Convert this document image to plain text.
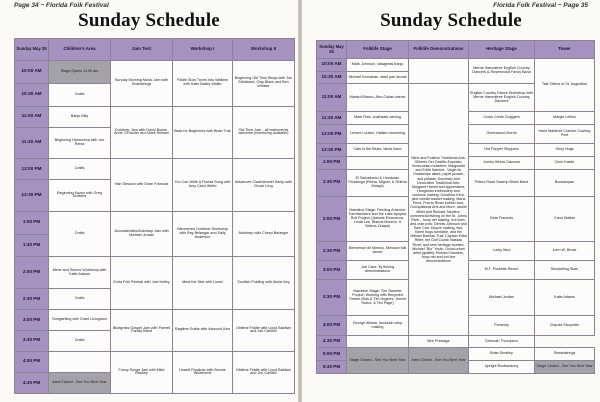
Page 34 ~ Florida Folk Festival
Sunday Schedule
Sunday May 25	Children's Area	Jam Tent	Workshop I	Workshop II
10:00 AM	Stage Opens 11:00 am	Sunday Morning Music Jam with Sharistrings	Fiddle Slow Tunes Into Waltzes with Katie Bailey Waller	Beginning Old Time Banjo with Jon Strickland, Clay Black and Ben Whisler
10:30 AM	Crafts			
11:00 AM	Banjo Billy	Dulcimer Jam with David Bowie, Anne O'Rourke and Mark Hillman	Bass for Beginners with Brian Turk	Old Time Jam - all instruments welcome (mentoring available)
11:30 AM	Beginning Harmonica with Joe Reina			
12:00 PM	Crafts	Irish Session with Dean Francois	You Can Write A Florida Song with Amy Carol Webb	Advanced Clawhammer Banjo with Chuck Levy
12:30 PM	Beginning Kazoo with Greg Dobbins			
1:00 PM	Crafts	Acoustaholics/Autoharp Jam with Michael Jordan	Hammered Dulcimer Workshop with Ray Belanger and Sally Anderson	Autoharp with Cheryl Belanger
1:30 PM				
2:00 PM	Mime and Stories Workshop with Katie Adams	Extra Folk Revival with Joel Kelley	Meet the Star with Lionel	Scottish Fiddling with Aisha Ivey
2:30 PM	Crafts			
3:00 PM	Songwriting with Grant Livingston	Bluegrass Gospel Jam with Parnell Family Band	Ragtime Guitar with Inkwood Karr	Oldtime Fiddle with Lloyd Baldwin and Jan Carillon
3:30 PM	Crafts			
4:00 PM		Funny Songs Jam with Mike Bradley	Howell Paulkner with Bonnie Whitehurst	Oldtime Fiddle with Lloyd Baldwin and Jim Carillon
4:30 PM	Area Closed - See You Next Year			
Florida Folk Festival ~ Page 35
Sunday Schedule
Sunday May 25	Folklife Stage	Folklife Demonstrations	Heritage Stage	Tower
10:00 AM	Mark Johnson, clawgrass banjo		Merrie Hammitree English Country Dancers & Rosenwood Fancy Band	Tale Tellers of St. Augustine
10:30 AM	Michael Kornahan, steel pan drums			
11:00 AM	Marisol Blanco, Afro-Cuban dance	Blind and Positive Traditional Arts: Gilberto Del Castillo-Espósito, Venezuelan mola/text; Marguerite and Edith Sabrina - Virgin de Guadalupe altars, papel picado, and piñatas; Domestic and Decorative Traditional Arts: Margaret Harrell and apprentices, Hungarian embroidery and costume making; Dorothea Kent, pine needle basket making; Maria Pena, Puerto Rican bobbin lace; Occupational Arts and More: Jackie Miller and Richard Sanders, commercial fishing on the St. Johns River - hoop net making, trot lines, and crab pots; Dennis Johnson and Sam Carr, bicycle making, two-barrel bugs turntable, and the William Barteau Trail; Captain Erika Ritter, the Gulf Coast/ Nassau River; and new heritage tourism; Michael "Bio" Youth, Duval urban artist (graffiti); Richard Sanders, hoop net and trot line demonstrations	English Country Dance Workshop with Merrie Hammitree English Country Dancers	
11:30 AM	Mark Rice, chainsaw carving		Cross Creek Cloggers	Margie LeBeu
12:00 PM	Lenore Louisin, Haitian drumming		Greenwood Morris	Hank Martinez Cracker Cowboy Poet
12:30 PM	Cats in the Blues, blues band		Hot Pepper Steppers	Story Hugs
1:00 PM			Jumbo Wreck Dancers	Chris Kastle
1:30 PM	El Salvadoran & Honduran Fandango (Reina, Miguel, & Selena Zelaya)		Peters Road Swamp Blues Band	Buckaroyan
2:00 PM	Narrative Stage: Feeding America: Farmworkers and the Lake Apopka Roll Project (Jeannie Economos, Linda Lee, Blanca Moreno, & Selena Zelaya)		Dear Francois	Carol Walker
2:30 PM	Bienvenue de Mexico, Mexican folk dance		Lucky Mud	John W. Bruce
3:00 PM	Joe Cave, fly fishing demonstrations		M.T. Pocketts Revue	Storytelling Slam
3:30 PM	Narrative Stage: The Sweeter Project: Working with Recycled Timber (Bob & Tim Hughes, Jennie Hubor, & Ted Page)		Michael Jordan	Katie Adams
4:00 PM	George Allman, buckskin whip making		Pomeroy	Chipola Storyrider
4:30 PM		Bee Prestage	Deborah Thompson	
5:00 PM	Stage Closed - See You Next Year	Area Closed - See You Next Year	Brian Smalley	Sheartstrings
5:30 PM			Upright Rootsmanny	Stage Closed - See You Next Year
